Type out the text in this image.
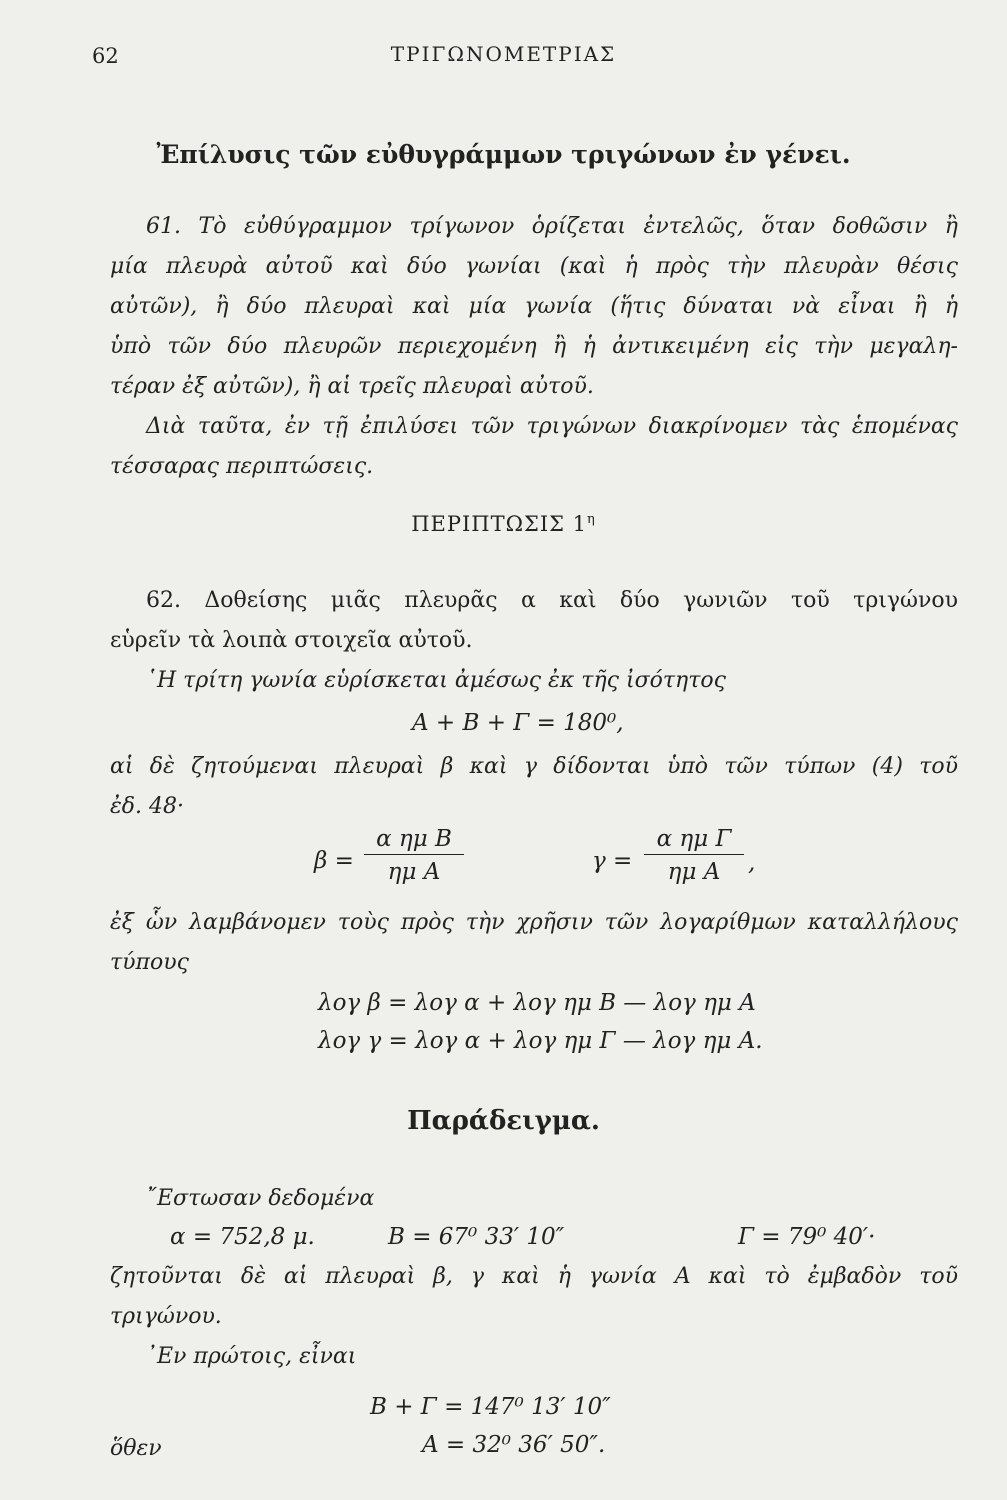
62	ΤΡΙΓΩΝΟΜΕΤΡΙΑΣ
Ἐπίλυσις τῶν εὐθυγράμμων τριγώνων ἐν γένει.
61. Τὸ εὐθύγραμμον τρίγωνον ὁρίζεται ἐντελῶς, ὅταν δοθῶσιν ἢ
μία πλευρὰ αὐτοῦ καὶ δύο γωνίαι (καὶ ἡ πρὸς τὴν πλευρὰν θέσις
αὐτῶν), ἢ δύο πλευραὶ καὶ μία γωνία (ἥτις δύναται νὰ εἶναι ἢ ἡ
ὑπὸ τῶν δύο πλευρῶν περιεχομένη ἢ ἡ ἀντικειμένη εἰς τὴν μεγαλη-
τέραν ἐξ αὐτῶν), ἢ αἱ τρεῖς πλευραὶ αὐτοῦ.
Διὰ ταῦτα, ἐν τῇ ἐπιλύσει τῶν τριγώνων διακρίνομεν τὰς ἑπομένας
τέσσαρας περιπτώσεις.
ΠΕΡΙΠΤΩΣΙΣ $1^\eta$
62. Δοθείσης μιᾶς πλευρᾶς α καὶ δύο γωνιῶν τοῦ τριγώνου
εὑρεῖν τὰ λοιπὰ στοιχεῖα αὐτοῦ.
῾Η τρίτη γωνία εὑρίσκεται ἀμέσως ἐκ τῆς ἰσότητος
A + B + Γ = 180⁰,
αἱ δὲ ζητούμεναι πλευραὶ β καὶ γ δίδονται ὑπὸ τῶν τύπων (4) τοῦ
ἐδ. 48·
$\beta = \frac{\text{α ημ B}}{\text{ημ A}}$	$\gamma = \frac{\text{α ημ Γ}}{\text{ημ A}}$ ,
ἐξ ὧν λαμβάνομεν τοὺς πρὸς τὴν χρῆσιν τῶν λογαρίθμων καταλλήλους
τύπους
λογ β = λογ α + λογ ημ B — λογ ημ A
λογ γ = λογ α + λογ ημ Γ — λογ ημ A.
Παράδειγμα.
῎Εστωσαν δεδομένα
α = 752,8 μ.	B = 67⁰ 33′ 10″	Γ = 79⁰ 40′·
ζητοῦνται δὲ αἱ πλευραὶ β, γ καὶ ἡ γωνία A καὶ τὸ ἐμβαδὸν τοῦ
τριγώνου.
᾿Εν πρώτοις, εἶναι
B + Γ = 147⁰ 13′ 10″
ὅθεν	A = 32⁰ 36′ 50″.
